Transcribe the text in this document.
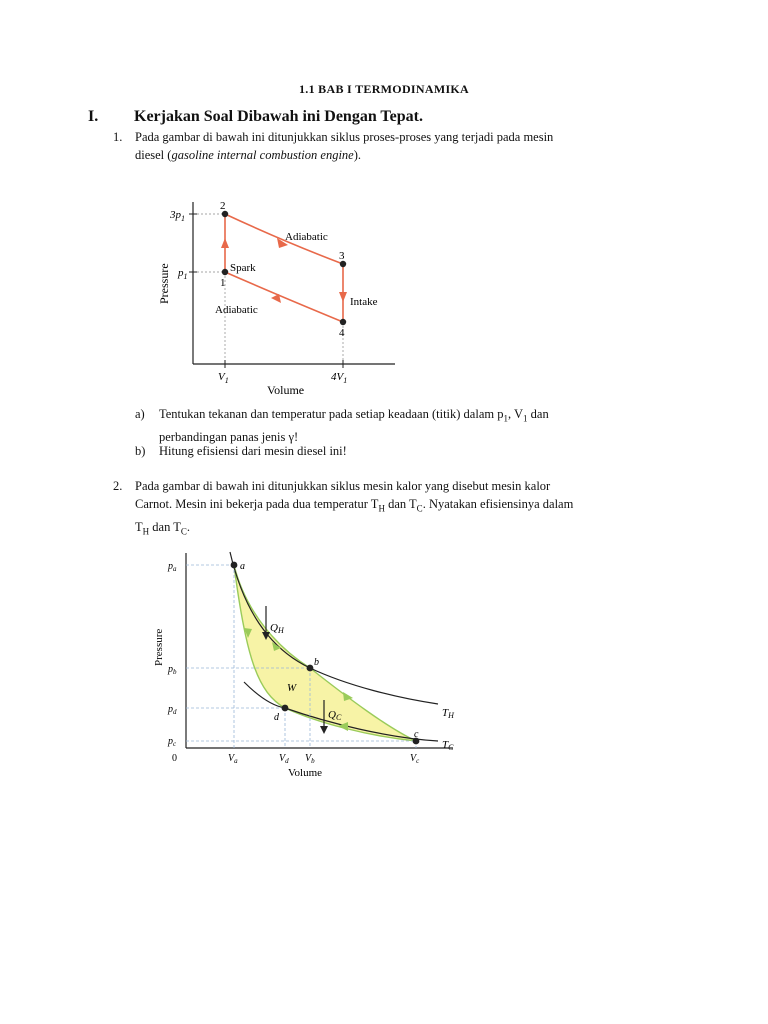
1.1 BAB I TERMODINAMIKA
I. Kerjakan Soal Dibawah ini Dengan Tepat.
1. Pada gambar di bawah ini ditunjukkan siklus proses-proses yang terjadi pada mesin
diesel (gasoline internal combustion engine).
1
2
3
4
Adiabatic
Adiabatic
Spark
Intake
$3p_1$
$p_1$
$V_1$	$4V_1$
Volume
Pressure
a) Tentukan tekanan dan temperatur pada setiap keadaan (titik) dalam $p_1$, $V_1$ dan
perbandingan panas jenis γ!
b) Hitung efisiensi dari mesin diesel ini!
2. Pada gambar di bawah ini ditunjukkan siklus mesin kalor yang disebut mesin kalor
Carnot. Mesin ini bekerja pada dua temperatur $T_H$ dan $T_C$. Nyatakan efisiensinya dalam
$T_H$ dan $T_C$.
a
b
c
d
QH
QC
W
TH
TC
$p_a$
$p_b$
$p_d$
$p_c$
$V_a$	$V_d$ $V_b$	$V_c$
0
Volume
Pressure
